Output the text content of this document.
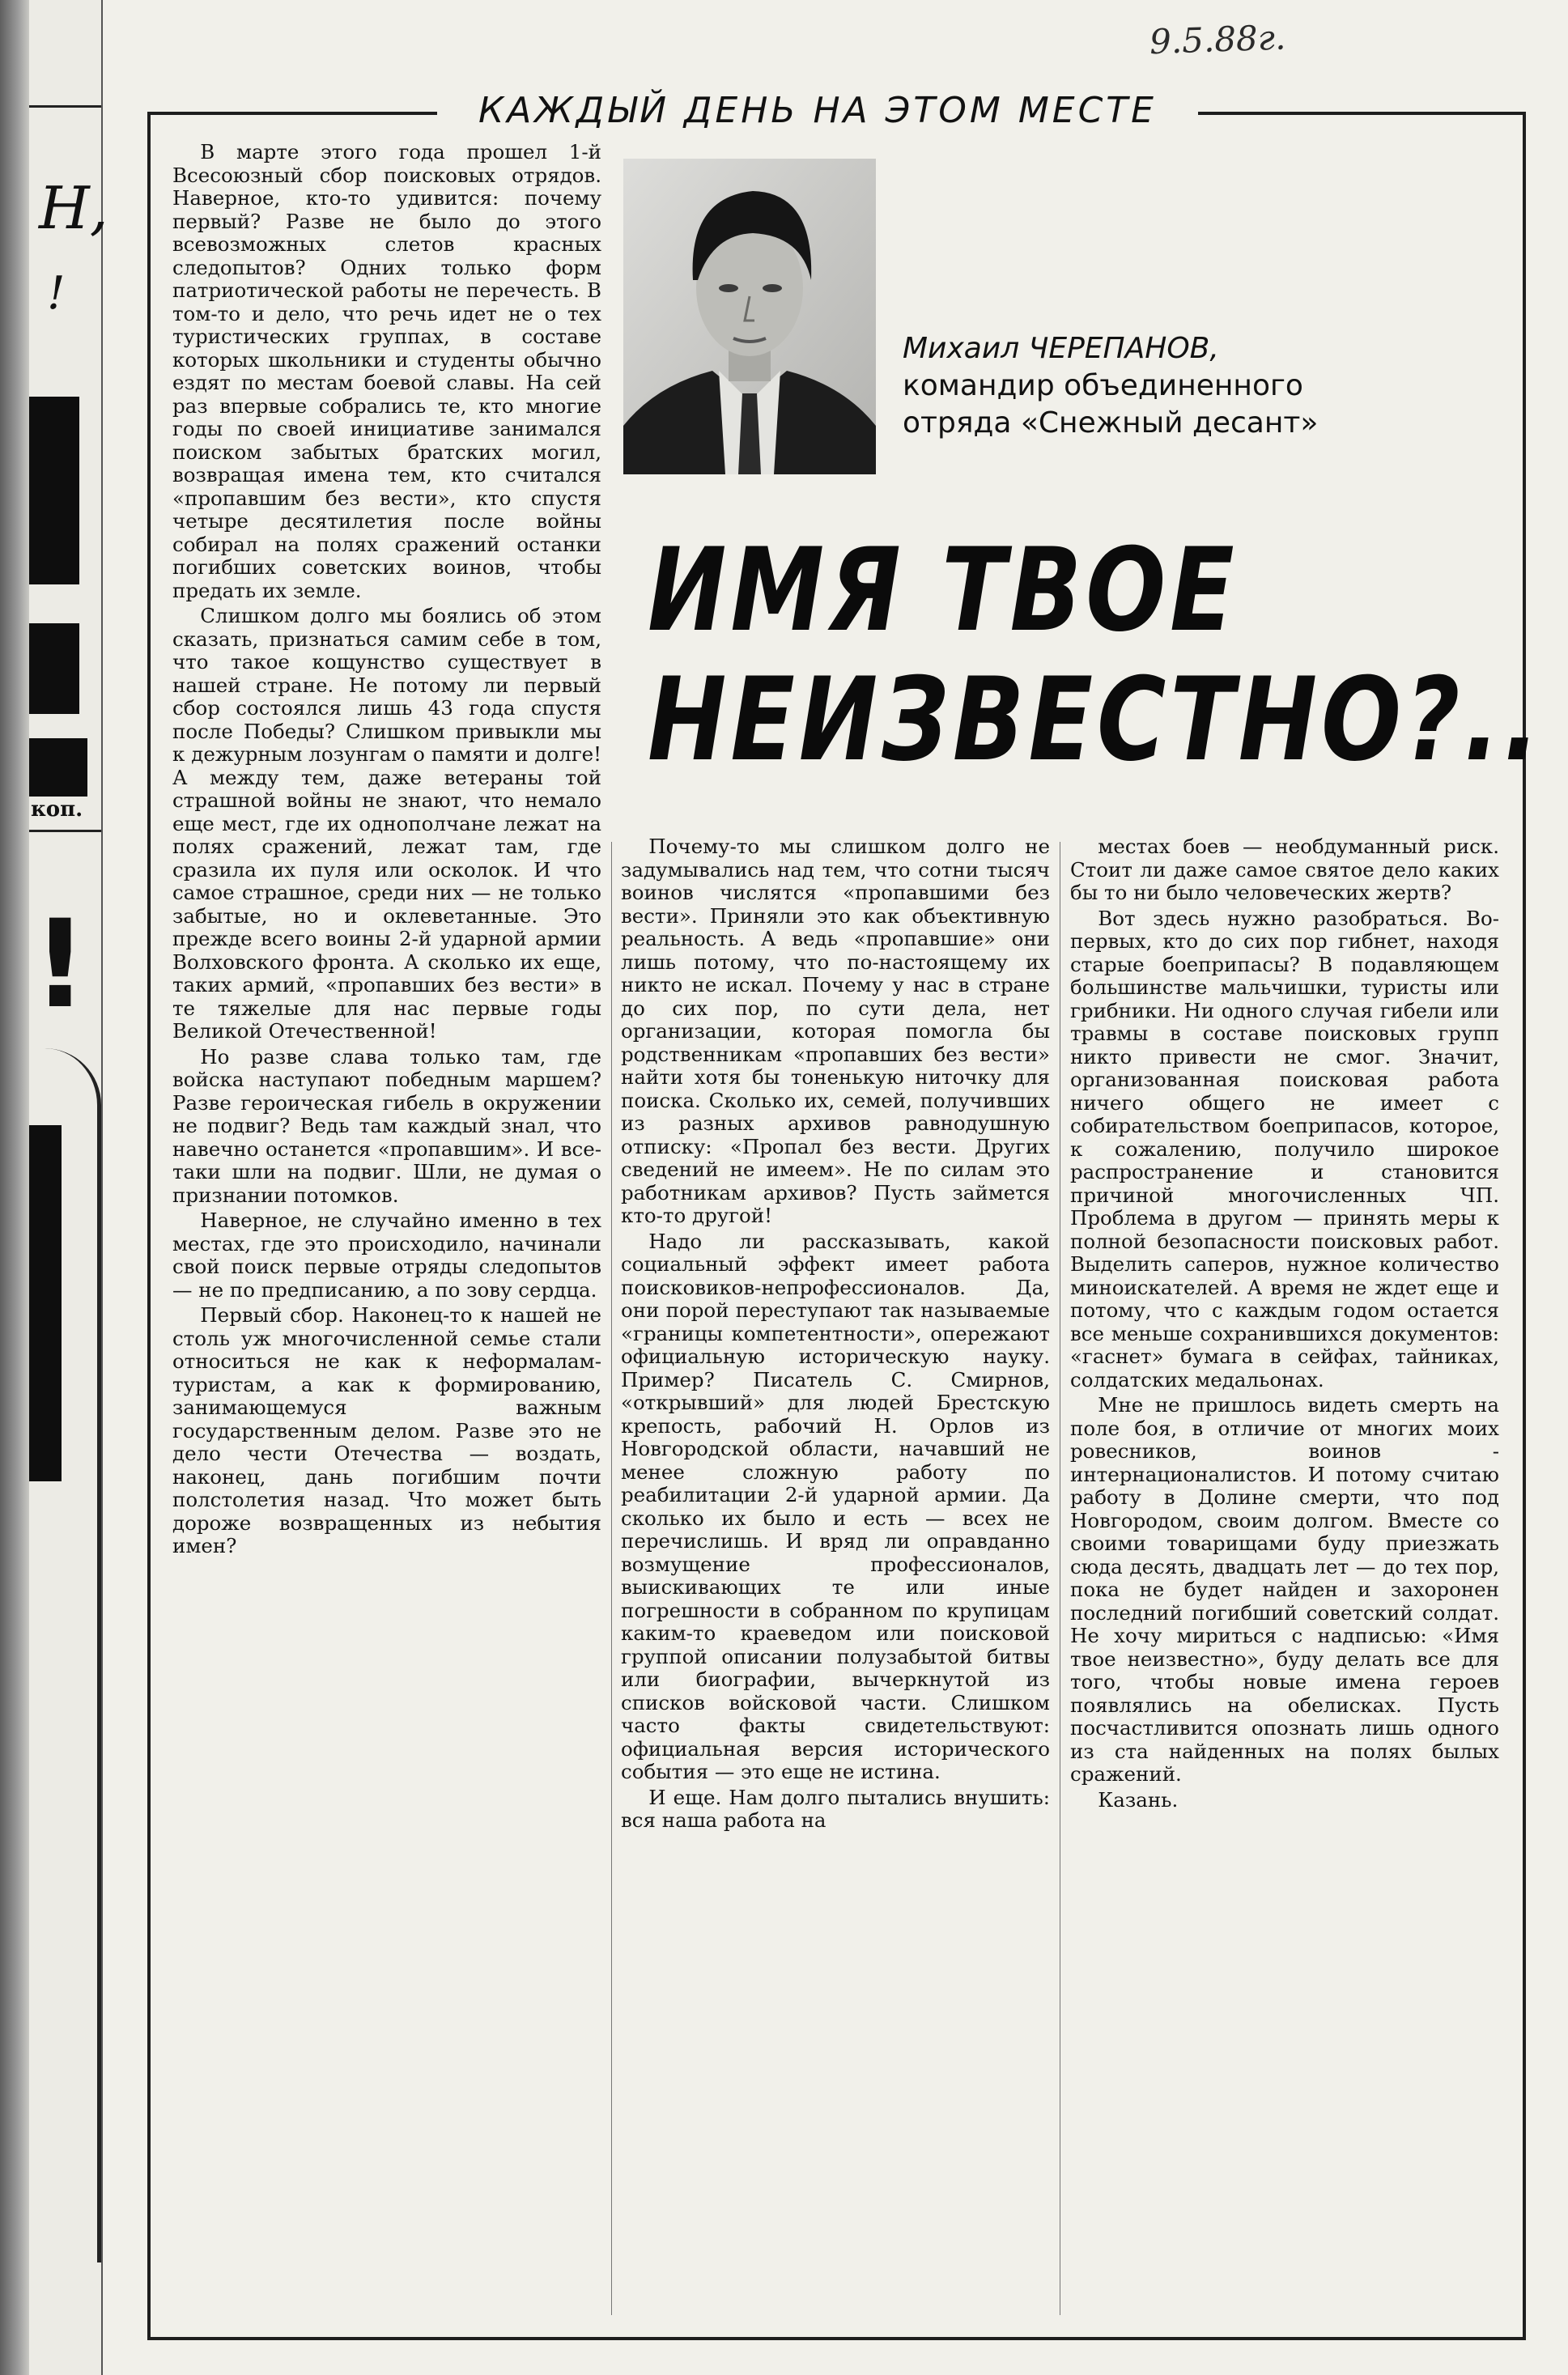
Н,
!
коп.
!
9.5.88г.
КАЖДЫЙ ДЕНЬ НА ЭТОМ МЕСТЕ

В марте этого года прошел 1-й Всесоюзный сбор поисковых отрядов. Наверное, кто-то удивится: почему первый? Разве не было до этого всевозможных слетов красных следопытов? Одних только форм патриотической работы не перечесть. В том-то и дело, что речь идет не о тех туристических группах, в составе которых школьники и студенты обычно ездят по местам боевой славы. На сей раз впервые собрались те, кто многие годы по своей инициативе занимался поиском забытых братских могил, возвращая имена тем, кто считался «пропавшим без вести», кто спустя четыре десятилетия после войны собирал на полях сражений останки погибших советских воинов, чтобы предать их земле.

Слишком долго мы боялись об этом сказать, признаться самим себе в том, что такое кощунство существует в нашей стране. Не потому ли первый сбор состоялся лишь 43 года спустя после Победы? Слишком привыкли мы к дежурным лозунгам о памяти и долге! А между тем, даже ветераны той страшной войны не знают, что немало еще мест, где их однополчане лежат на полях сражений, лежат там, где сразила их пуля или осколок. И что самое страшное, среди них — не только забытые, но и оклеветанные. Это прежде всего воины 2-й ударной армии Волховского фронта. А сколько их еще, таких армий, «пропавших без вести» в те тяжелые для нас первые годы Великой Отечественной!

Но разве слава только там, где войска наступают победным маршем? Разве героическая гибель в окружении не подвиг? Ведь там каждый знал, что навечно останется «пропавшим». И все-таки шли на подвиг. Шли, не думая о признании потомков.

Наверное, не случайно именно в тех местах, где это происходило, начинали свой поиск первые отряды следопытов — не по предписанию, а по зову сердца.

Первый сбор. Наконец-то к нашей не столь уж многочисленной семье стали относиться не как к неформалам-туристам, а как к формированию, занимающемуся важным государственным делом. Разве это не дело чести Отечества — воздать, наконец, дань погибшим почти полстолетия назад. Что может быть дороже возвращенных из небытия имен?

Михаил ЧЕРЕПАНОВ,
командир объединенного
отряда «Снежный десант»
ИМЯ ТВОЕ
НЕИЗВЕСТНО?..

Почему-то мы слишком долго не задумывались над тем, что сотни тысяч воинов числятся «пропавшими без вести». Приняли это как объективную реальность. А ведь «пропавшие» они лишь потому, что по-настоящему их никто не искал. Почему у нас в стране до сих пор, по сути дела, нет организации, которая помогла бы родственникам «пропавших без вести» найти хотя бы тоненькую ниточку для поиска. Сколько их, семей, получивших из разных архивов равнодушную отписку: «Пропал без вести. Других сведений не имеем». Не по силам это работникам архивов? Пусть займется кто-то другой!

Надо ли рассказывать, какой социальный эффект имеет работа поисковиков-непрофессионалов. Да, они порой переступают так называемые «границы компетентности», опережают официальную историческую науку. Пример? Писатель С. Смирнов, «открывший» для людей Брестскую крепость, рабочий Н. Орлов из Новгородской области, начавший не менее сложную работу по реабилитации 2-й ударной армии. Да сколько их было и есть — всех не перечислишь. И вряд ли оправданно возмущение профессионалов, выискивающих те или иные погрешности в собранном по крупицам каким-то краеведом или поисковой группой описании полузабытой битвы или биографии, вычеркнутой из списков войсковой части. Слишком часто факты свидетельствуют: официальная версия исторического события — это еще не истина.

И еще. Нам долго пытались внушить: вся наша работа на

местах боев — необдуманный риск. Стоит ли даже самое святое дело каких бы то ни было человеческих жертв?

Вот здесь нужно разобраться. Во-первых, кто до сих пор гибнет, находя старые боеприпасы? В подавляющем большинстве мальчишки, туристы или грибники. Ни одного случая гибели или травмы в составе поисковых групп никто привести не смог. Значит, организованная поисковая работа ничего общего не имеет с собирательством боеприпасов, которое, к сожалению, получило широкое распространение и становится причиной многочисленных ЧП. Проблема в другом — принять меры к полной безопасности поисковых работ. Выделить саперов, нужное количество миноискателей. А время не ждет еще и потому, что с каждым годом остается все меньше сохранившихся документов: «гаснет» бумага в сейфах, тайниках, солдатских медальонах.

Мне не пришлось видеть смерть на поле боя, в отличие от многих моих ровесников, воинов - интернационалистов. И потому считаю работу в Долине смерти, что под Новгородом, своим долгом. Вместе со своими товарищами буду приезжать сюда десять, двадцать лет — до тех пор, пока не будет найден и захоронен последний погибший советский солдат. Не хочу мириться с надписью: «Имя твое неизвестно», буду делать все для того, чтобы новые имена героев появлялись на обелисках. Пусть посчастливится опознать лишь одного из ста найденных на полях былых сражений.

Казань.
